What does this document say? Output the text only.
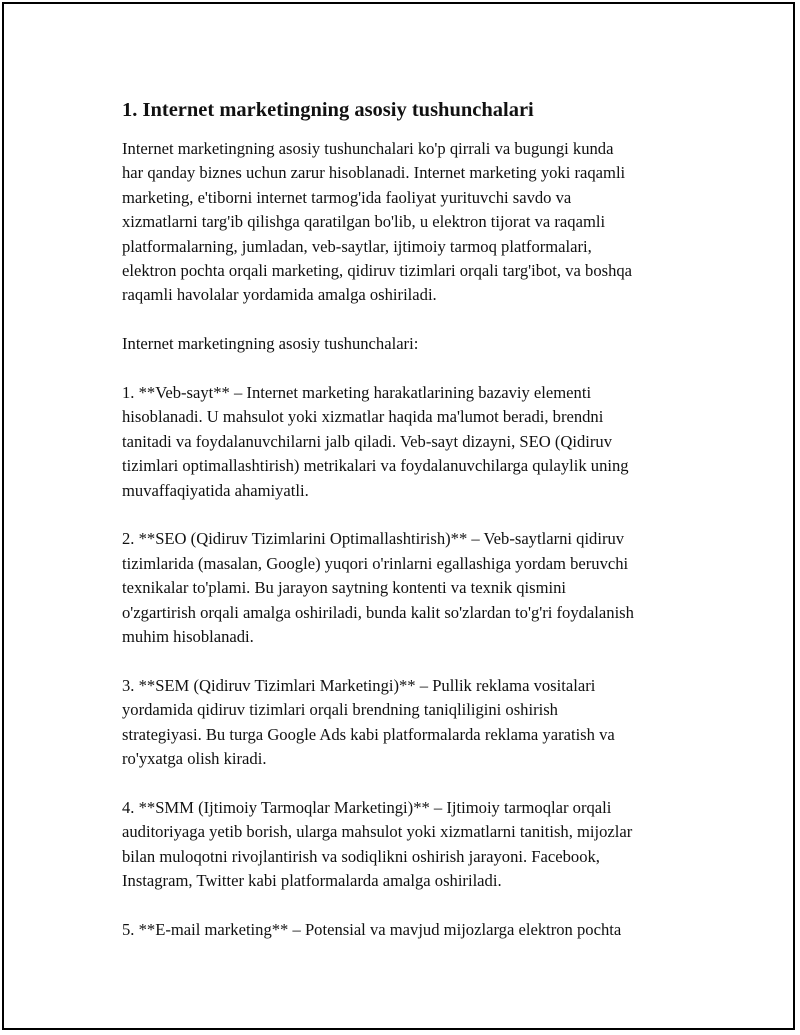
1. Internet marketingning asosiy tushunchalari

Internet marketingning asosiy tushunchalari ko'p qirrali va bugungi kunda
har qanday biznes uchun zarur hisoblanadi. Internet marketing yoki raqamli
marketing, e'tiborni internet tarmog'ida faoliyat yurituvchi savdo va
xizmatlarni targ'ib qilishga qaratilgan bo'lib, u elektron tijorat va raqamli
platformalarning, jumladan, veb-saytlar, ijtimoiy tarmoq platformalari,
elektron pochta orqali marketing, qidiruv tizimlari orqali targ'ibot, va boshqa
raqamli havolalar yordamida amalga oshiriladi.

Internet marketingning asosiy tushunchalari:

1. **Veb-sayt** – Internet marketing harakatlarining bazaviy elementi
hisoblanadi. U mahsulot yoki xizmatlar haqida ma'lumot beradi, brendni
tanitadi va foydalanuvchilarni jalb qiladi. Veb-sayt dizayni, SEO (Qidiruv
tizimlari optimallashtirish) metrikalari va foydalanuvchilarga qulaylik uning
muvaffaqiyatida ahamiyatli.

2. **SEO (Qidiruv Tizimlarini Optimallashtirish)** – Veb-saytlarni qidiruv
tizimlarida (masalan, Google) yuqori o'rinlarni egallashiga yordam beruvchi
texnikalar to'plami. Bu jarayon saytning kontenti va texnik qismini
o'zgartirish orqali amalga oshiriladi, bunda kalit so'zlardan to'g'ri foydalanish
muhim hisoblanadi.

3. **SEM (Qidiruv Tizimlari Marketingi)** – Pullik reklama vositalari
yordamida qidiruv tizimlari orqali brendning taniqliligini oshirish
strategiyasi. Bu turga Google Ads kabi platformalarda reklama yaratish va
ro'yxatga olish kiradi.

4. **SMM (Ijtimoiy Tarmoqlar Marketingi)** – Ijtimoiy tarmoqlar orqali
auditoriyaga yetib borish, ularga mahsulot yoki xizmatlarni tanitish, mijozlar
bilan muloqotni rivojlantirish va sodiqlikni oshirish jarayoni. Facebook,
Instagram, Twitter kabi platformalarda amalga oshiriladi.

5. **E-mail marketing** – Potensial va mavjud mijozlarga elektron pochta
